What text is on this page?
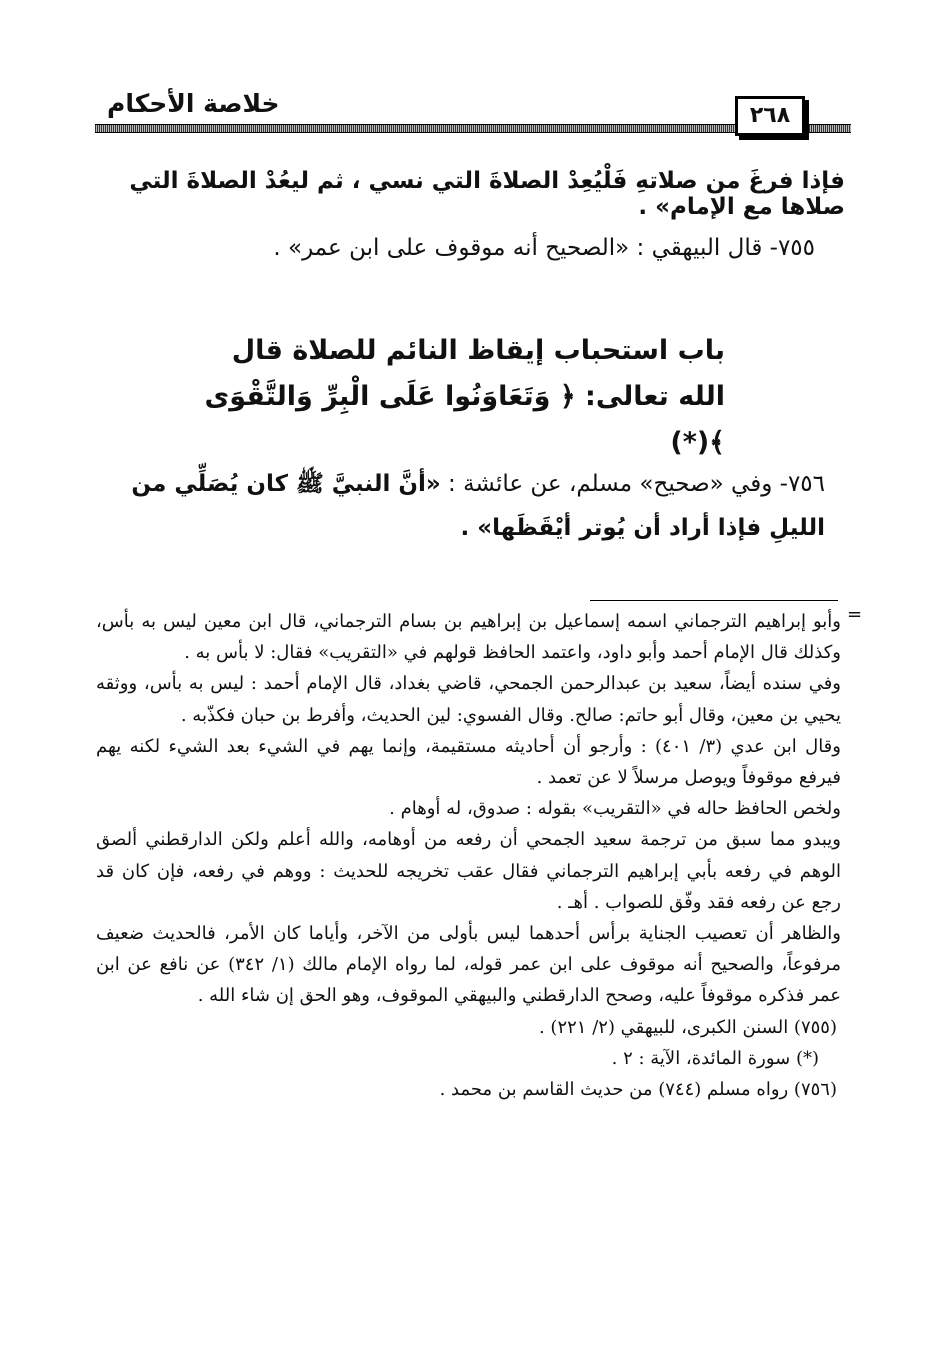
خلاصة الأحكام	٢٦٨
فإذا فرغَ من صلاتهِ فَلْيُعِدْ الصلاةَ التي نسي ، ثم ليعُدْ الصلاةَ التي صلاها مع الإمام» .
٧٥٥- قال البيهقي : «الصحيح أنه موقوف على ابن عمر» .
باب استحباب إيقاظ النائم للصلاة قال الله تعالى: ﴿ وَتَعَاوَنُوا عَلَى الْبِرِّ وَالتَّقْوَى ﴾(*)
٧٥٦- وفي «صحيح» مسلم، عن عائشة : «أنَّ النبيَّ ﷺ كان يُصَلِّي من الليلِ فإذا أراد أن يُوتر أيْقَظَها» .
=

وأبو إبراهيم الترجماني اسمه إسماعيل بن إبراهيم بن بسام الترجماني، قال ابن معين ليس به بأس، وكذلك قال الإمام أحمد وأبو داود، واعتمد الحافظ قولهم في «التقريب» فقال: لا بأس به .

وفي سنده أيضاً، سعيد بن عبدالرحمن الجمحي، قاضي بغداد، قال الإمام أحمد : ليس به بأس، ووثقه يحيي بن معين، وقال أبو حاتم: صالح. وقال الفسوي: لين الحديث، وأفرط بن حبان فكذّبه .

وقال ابن عدي (٣/ ٤٠١) : وأرجو أن أحاديثه مستقيمة، وإنما يهم في الشيء بعد الشيء لكنه يهم فيرفع موقوفاً ويوصل مرسلاً لا عن تعمد .

ولخص الحافظ حاله في «التقريب» بقوله : صدوق، له أوهام .

ويبدو مما سبق من ترجمة سعيد الجمحي أن رفعه من أوهامه، والله أعلم ولكن الدارقطني ألصق الوهم في رفعه بأبي إبراهيم الترجماني فقال عقب تخريجه للحديث : ووهم في رفعه، فإن كان قد رجع عن رفعه فقد وفّق للصواب . أهـ .

والظاهر أن تعصيب الجناية برأس أحدهما ليس بأولى من الآخر، وأياما كان الأمر، فالحديث ضعيف مرفوعاً، والصحيح أنه موقوف على ابن عمر قوله، لما رواه الإمام مالك (١/ ٣٤٢) عن نافع عن ابن عمر فذكره موقوفاً عليه، وصحح الدارقطني والبيهقي الموقوف، وهو الحق إن شاء الله .

(٧٥٥) السنن الكبرى، للبيهقي (٢/ ٢٢١) .

(*) سورة المائدة، الآية : ٢ .

(٧٥٦) رواه مسلم (٧٤٤) من حديث القاسم بن محمد .
